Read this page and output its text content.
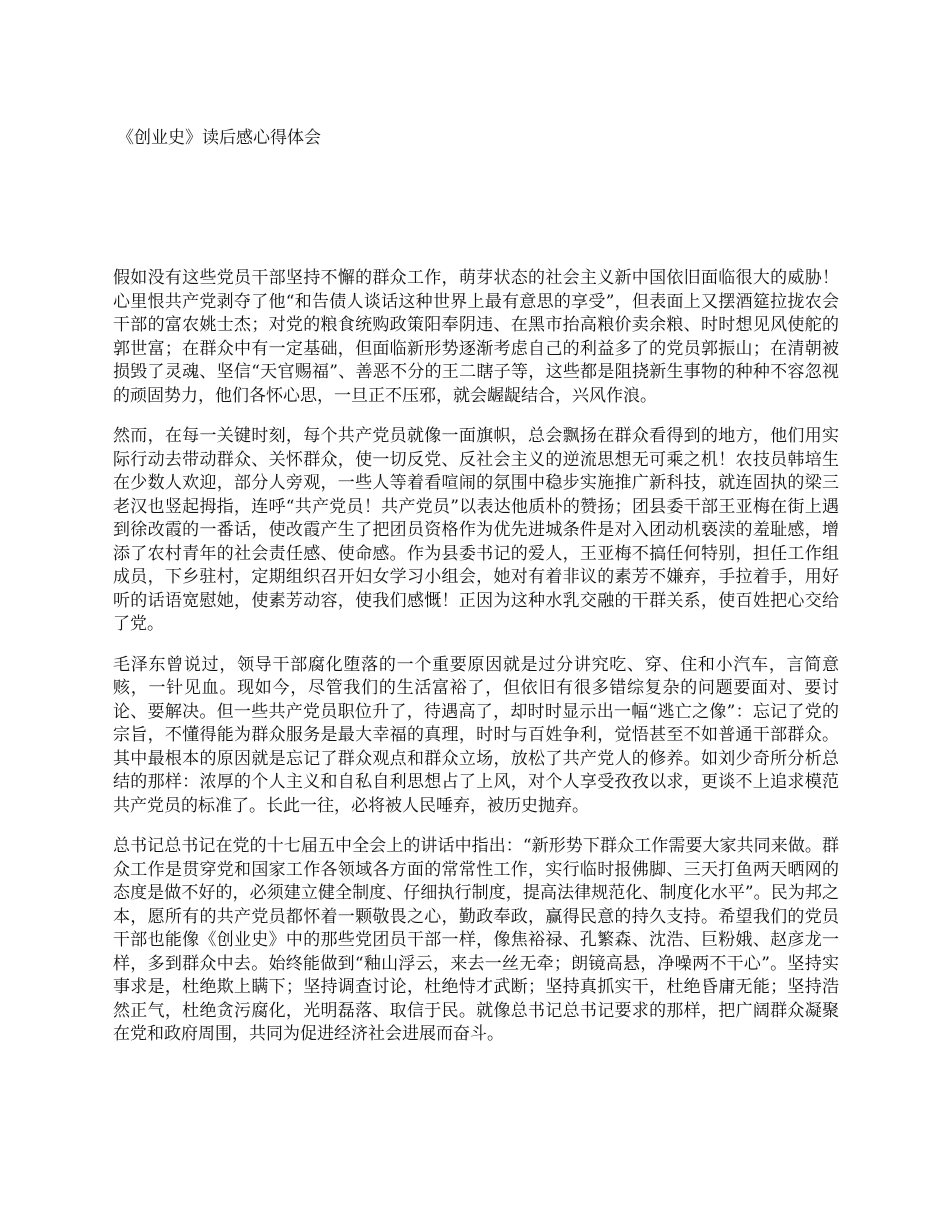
《创业史》读后感心得体会

假如没有这些党员干部坚持不懈的群众工作，萌芽状态的社会主义新中国依旧面临很大的威胁！心里恨共产党剥夺了他“和告债人谈话这种世界上最有意思的享受”，但表面上又摆酒筵拉拢农会干部的富农姚士杰；对党的粮食统购政策阳奉阴违、在黑市抬高粮价卖余粮、时时想见风使舵的郭世富；在群众中有一定基础，但面临新形势逐渐考虑自己的利益多了的党员郭振山；在清朝被损毁了灵魂、坚信“天官赐福”、善恶不分的王二瞎子等，这些都是阻挠新生事物的种种不容忽视的顽固势力，他们各怀心思，一旦正不压邪，就会龌龊结合，兴风作浪。

然而，在每一关键时刻，每个共产党员就像一面旗帜，总会飘扬在群众看得到的地方，他们用实际行动去带动群众、关怀群众，使一切反党、反社会主义的逆流思想无可乘之机！农技员韩培生在少数人欢迎，部分人旁观，一些人等着看喧闹的氛围中稳步实施推广新科技，就连固执的梁三老汉也竖起拇指，连呼“共产党员！共产党员”以表达他质朴的赞扬；团县委干部王亚梅在街上遇到徐改霞的一番话，使改霞产生了把团员资格作为优先进城条件是对入团动机亵渎的羞耻感，增添了农村青年的社会责任感、使命感。作为县委书记的爱人，王亚梅不搞任何特别，担任工作组成员，下乡驻村，定期组织召开妇女学习小组会，她对有着非议的素芳不嫌弃，手拉着手，用好听的话语宽慰她，使素芳动容，使我们感慨！正因为这种水乳交融的干群关系，使百姓把心交给了党。

毛泽东曾说过，领导干部腐化堕落的一个重要原因就是过分讲究吃、穿、住和小汽车，言简意赅，一针见血。现如今，尽管我们的生活富裕了，但依旧有很多错综复杂的问题要面对、要讨论、要解决。但一些共产党员职位升了，待遇高了，却时时显示出一幅“逃亡之像”：忘记了党的宗旨，不懂得能为群众服务是最大幸福的真理，时时与百姓争利，觉悟甚至不如普通干部群众。其中最根本的原因就是忘记了群众观点和群众立场，放松了共产党人的修养。如刘少奇所分析总结的那样：浓厚的个人主义和自私自利思想占了上风，对个人享受孜孜以求，更谈不上追求模范共产党员的标准了。长此一往，必将被人民唾弃，被历史抛弃。

总书记总书记在党的十七届五中全会上的讲话中指出：“新形势下群众工作需要大家共同来做。群众工作是贯穿党和国家工作各领域各方面的常常性工作，实行临时报佛脚、三天打鱼两天晒网的态度是做不好的，必须建立健全制度、仔细执行制度，提高法律规范化、制度化水平”。民为邦之本，愿所有的共产党员都怀着一颗敬畏之心，勤政奉政，赢得民意的持久支持。希望我们的党员干部也能像《创业史》中的那些党团员干部一样，像焦裕禄、孔繁森、沈浩、巨粉娥、赵彦龙一样，多到群众中去。始终能做到“釉山浮云，来去一丝无牵；朗镜高悬，净噪两不干心”。坚持实事求是，杜绝欺上瞒下；坚持调查讨论，杜绝恃才武断；坚持真抓实干，杜绝昏庸无能；坚持浩然正气，杜绝贪污腐化，光明磊落、取信于民。就像总书记总书记要求的那样，把广阔群众凝聚在党和政府周围，共同为促进经济社会进展而奋斗。
